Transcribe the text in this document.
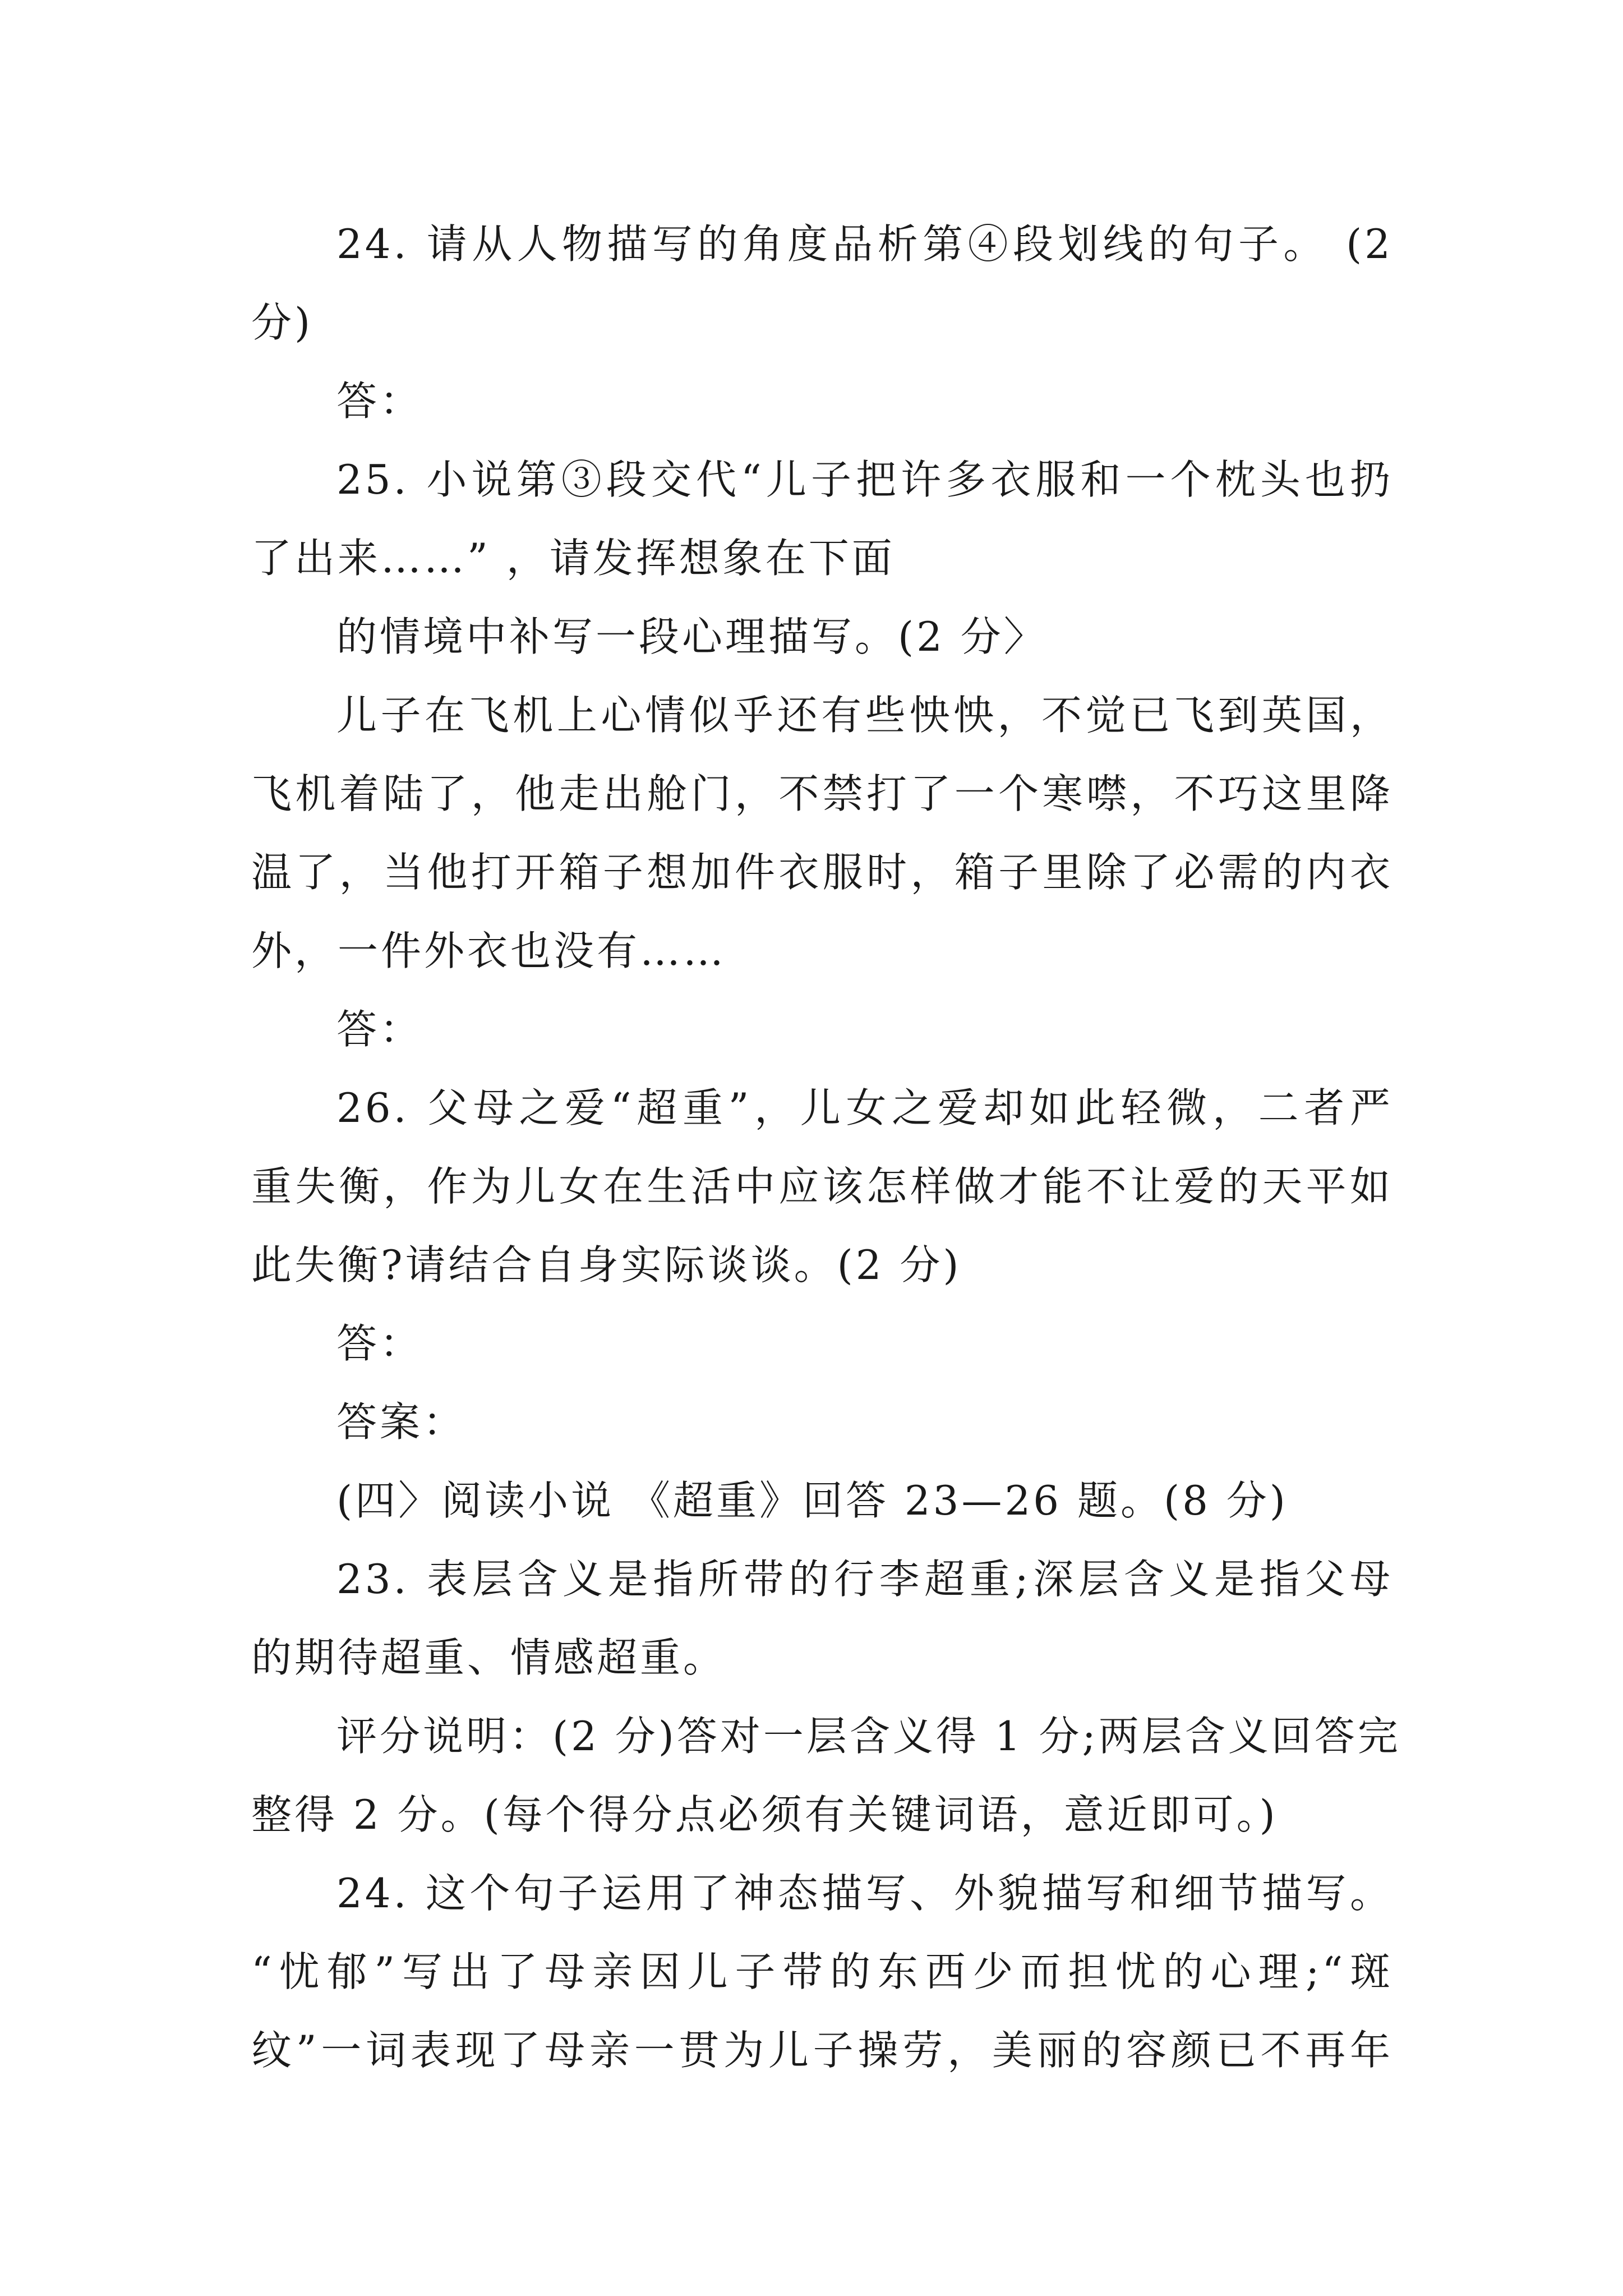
24. 请从人物描写的角度品析第④段划线的句子。 (2
分)
答：
25. 小说第③段交代“儿子把许多衣服和一个枕头也扔
了出来……” ，请发挥想象在下面
的情境中补写一段心理描写。(2 分〉
儿子在飞机上心情似乎还有些怏怏，不觉已飞到英国，
飞机着陆了，他走出舱门，不禁打了一个寒噤，不巧这里降
温了，当他打开箱子想加件衣服时，箱子里除了必需的内衣
外，一件外衣也没有……
答：
26. 父母之爱“超重”，儿女之爱却如此轻微，二者严
重失衡，作为儿女在生活中应该怎样做才能不让爱的天平如
此失衡?请结合自身实际谈谈。(2 分)
答：
答案：
(四〉阅读小说 《超重》回答 23—26 题。(8 分)
23. 表层含义是指所带的行李超重;深层含义是指父母
的期待超重、情感超重。
评分说明：(2 分)答对一层含义得 1 分;两层含义回答完
整得 2 分。(每个得分点必须有关键词语，意近即可。)
24. 这个句子运用了神态描写、外貌描写和细节描写。
“忧郁”写出了母亲因儿子带的东西少而担忧的心理;“斑
纹”一词表现了母亲一贯为儿子操劳，美丽的容颜已不再年
